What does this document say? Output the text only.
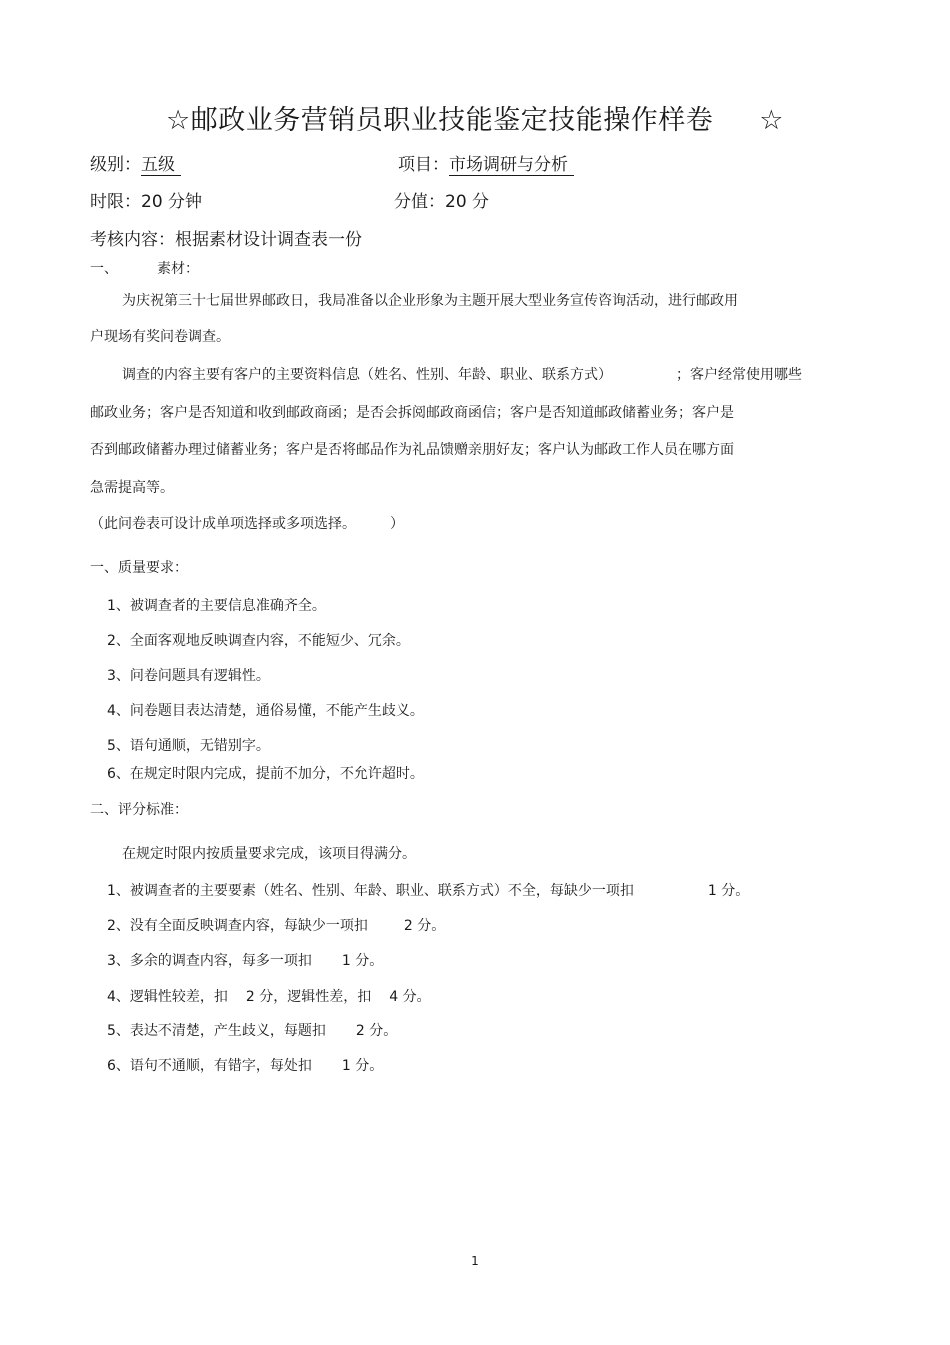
☆邮政业务营销员职业技能鉴定技能操作样卷 ☆
级别：五级	项目：市场调研与分析
时限：20 分钟	分值：20 分
考核内容：根据素材设计调查表一份
一、	素材：
为庆祝第三十七届世界邮政日，我局准备以企业形象为主题开展大型业务宣传咨询活动，进行邮政用
户现场有奖问卷调查。
调查的内容主要有客户的主要资料信息（姓名、性别、年龄、职业、联系方式）	；客户经常使用哪些
邮政业务；客户是否知道和收到邮政商函；是否会拆阅邮政商函信；客户是否知道邮政储蓄业务；客户是
否到邮政储蓄办理过储蓄业务；客户是否将邮品作为礼品馈赠亲朋好友；客户认为邮政工作人员在哪方面
急需提高等。
（此问卷表可设计成单项选择或多项选择。 ）
一、质量要求：
1、被调查者的主要信息准确齐全。
2、全面客观地反映调查内容，不能短少、冗余。
3、问卷问题具有逻辑性。
4、问卷题目表达清楚，通俗易懂，不能产生歧义。
5、语句通顺，无错别字。
6、在规定时限内完成，提前不加分，不允许超时。
二、评分标准：
在规定时限内按质量要求完成，该项目得满分。
1、被调查者的主要要素（姓名、性别、年龄、职业、联系方式）不全，每缺少一项扣	1 分。
2、没有全面反映调查内容，每缺少一项扣	2 分。
3、多余的调查内容，每多一项扣 1 分。
4、逻辑性较差，扣 2 分，逻辑性差，扣 4 分。
5、表达不清楚，产生歧义，每题扣 2 分。
6、语句不通顺，有错字，每处扣 1 分。
1
